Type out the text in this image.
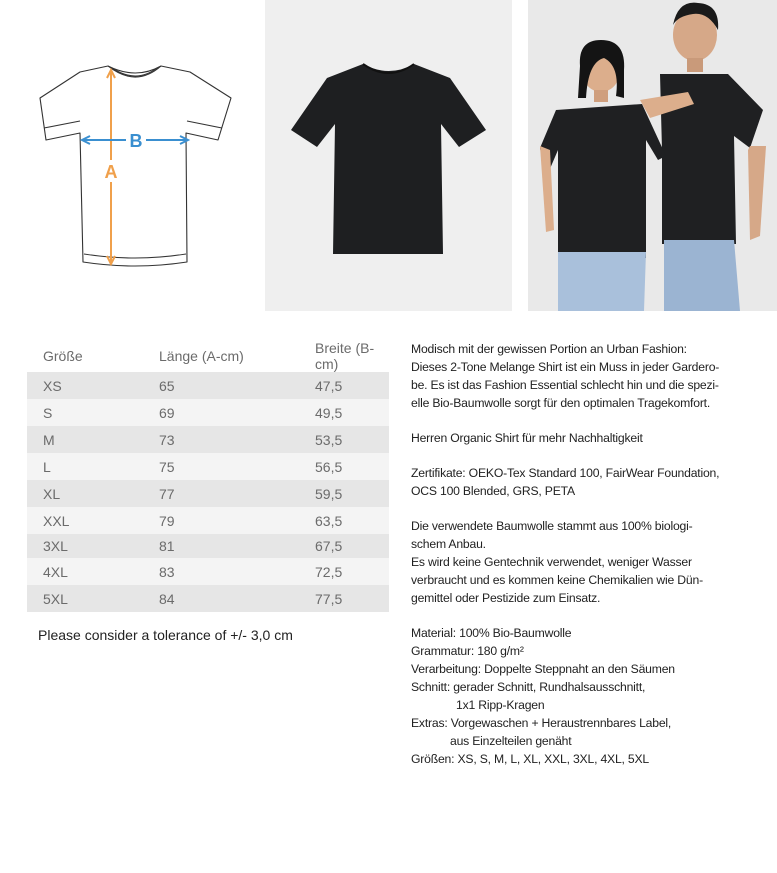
A
B
Größe	Länge (A-cm)	Breite (B-cm)
XS	65	47,5
S	69	49,5
M	73	53,5
L	75	56,5
XL	77	59,5
XXL	79	63,5
3XL	81	67,5
4XL	83	72,5
5XL	84	77,5
Please consider a tolerance of +/- 3,0 cm

Modisch mit der gewissen Portion an Urban Fashion:

Dieses 2-Tone Melange Shirt ist ein Muss in jeder Gardero-

be. Es ist das Fashion Essential schlecht hin und die spezi-

elle Bio-Baumwolle sorgt für den optimalen Tragekomfort.

Herren Organic Shirt für mehr Nachhaltigkeit

Zertifikate: OEKO-Tex Standard 100, FairWear Foundation,

OCS 100 Blended, GRS, PETA

Die verwendete Baumwolle stammt aus 100% biologi-

schem Anbau.

Es wird keine Gentechnik verwendet, weniger Wasser

verbraucht und es kommen keine Chemikalien wie Dün-

gemittel oder Pestizide zum Einsatz.

Material: 100% Bio-Baumwolle

Grammatur: 180 g/m²

Verarbeitung: Doppelte Steppnaht an den Säumen

Schnitt: gerader Schnitt, Rundhalsausschnitt,

1x1 Ripp-Kragen

Extras: Vorgewaschen + Heraustrennbares Label,

aus Einzelteilen genäht

Größen: XS, S, M, L, XL, XXL, 3XL, 4XL, 5XL
